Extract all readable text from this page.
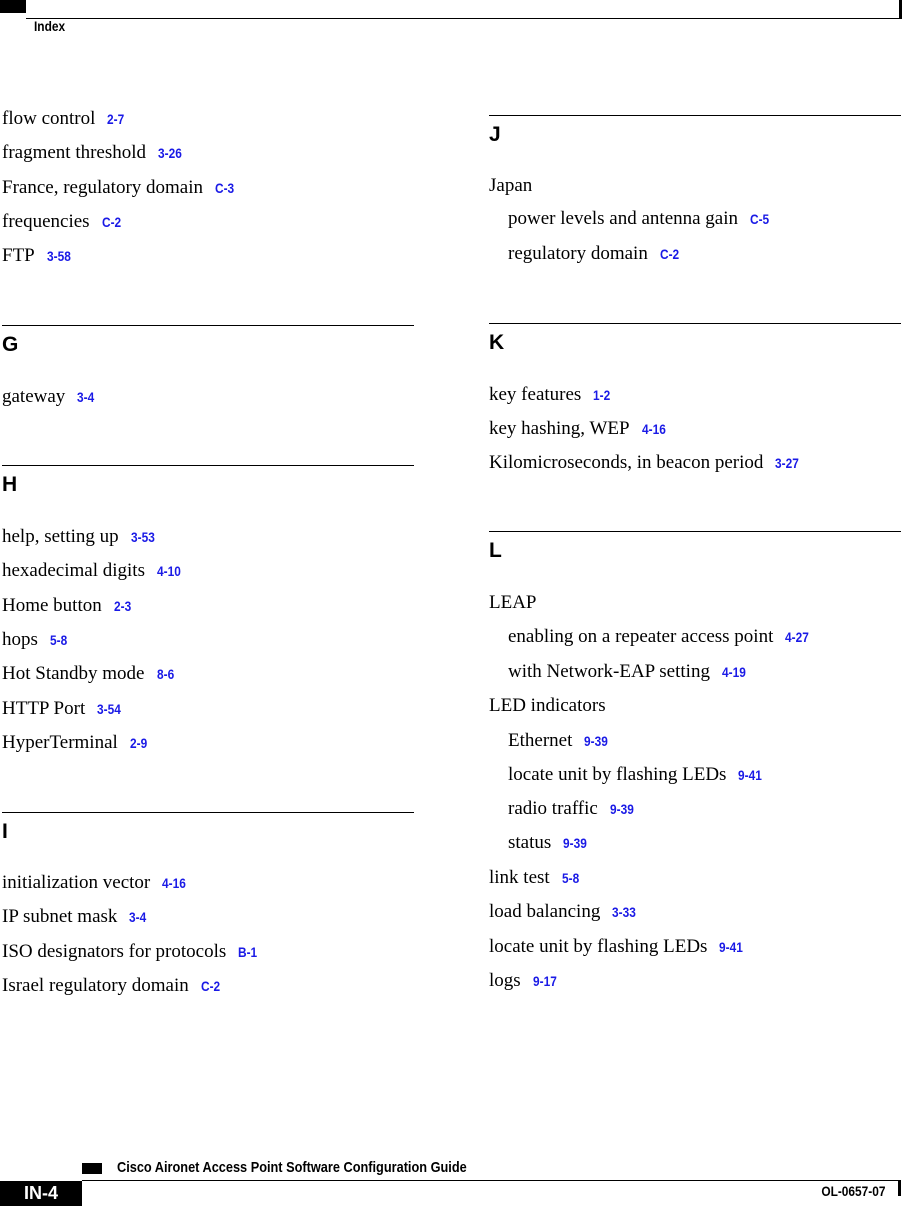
Index
flow control 2-7
fragment threshold 3-26
France, regulatory domain C-3
frequencies C-2
FTP 3-58
G
gateway 3-4
H
help, setting up 3-53
hexadecimal digits 4-10
Home button 2-3
hops 5-8
Hot Standby mode 8-6
HTTP Port 3-54
HyperTerminal 2-9
I
initialization vector 4-16
IP subnet mask 3-4
ISO designators for protocols B-1
Israel regulatory domain C-2
J
Japan
power levels and antenna gain C-5
regulatory domain C-2
K
key features 1-2
key hashing, WEP 4-16
Kilomicroseconds, in beacon period 3-27
L
LEAP
enabling on a repeater access point 4-27
with Network-EAP setting 4-19
LED indicators
Ethernet 9-39
locate unit by flashing LEDs 9-41
radio traffic 9-39
status 9-39
link test 5-8
load balancing 3-33
locate unit by flashing LEDs 9-41
logs 9-17
Cisco Aironet Access Point Software Configuration Guide
IN-4	OL-0657-07
